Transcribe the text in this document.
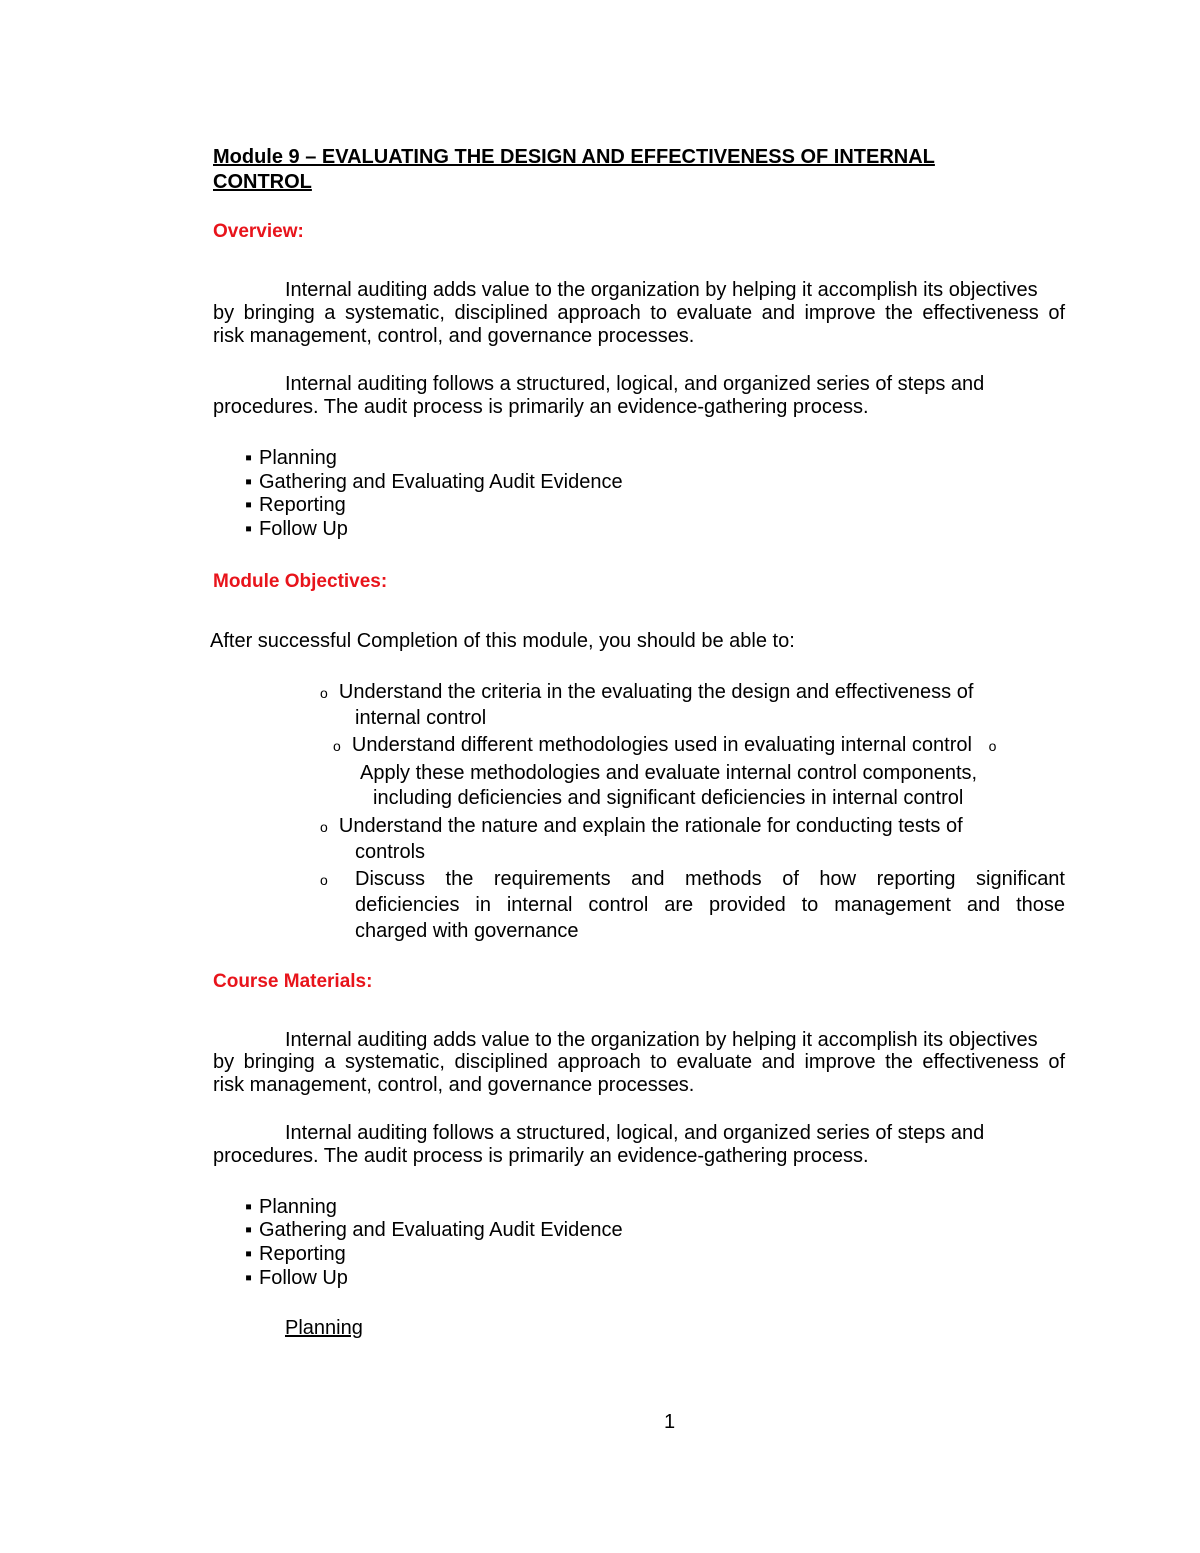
Module 9 – EVALUATING THE DESIGN AND EFFECTIVENESS OF INTERNAL
CONTROL
Overview:
Internal auditing adds value to the organization by helping it accomplish its objectives
by bringing a systematic, disciplined approach to evaluate and improve the effectiveness of
risk management, control, and governance processes.
Internal auditing follows a structured, logical, and organized series of steps and
procedures. The audit process is primarily an evidence-gathering process.
▪ Planning
▪ Gathering and Evaluating Audit Evidence
▪ Reporting
▪ Follow Up
Module Objectives:
After successful Completion of this module, you should be able to:
o Understand the criteria in the evaluating the design and effectiveness of
internal control
o Understand different methodologies used in evaluating internal control o
Apply these methodologies and evaluate internal control components,
including deficiencies and significant deficiencies in internal control
o Understand the nature and explain the rationale for conducting tests of
controls
o Discuss the requirements and methods of how reporting significant
deficiencies in internal control are provided to management and those
charged with governance
Course Materials:
Internal auditing adds value to the organization by helping it accomplish its objectives
by bringing a systematic, disciplined approach to evaluate and improve the effectiveness of
risk management, control, and governance processes.
Internal auditing follows a structured, logical, and organized series of steps and
procedures. The audit process is primarily an evidence-gathering process.
▪ Planning
▪ Gathering and Evaluating Audit Evidence
▪ Reporting
▪ Follow Up
Planning
1
